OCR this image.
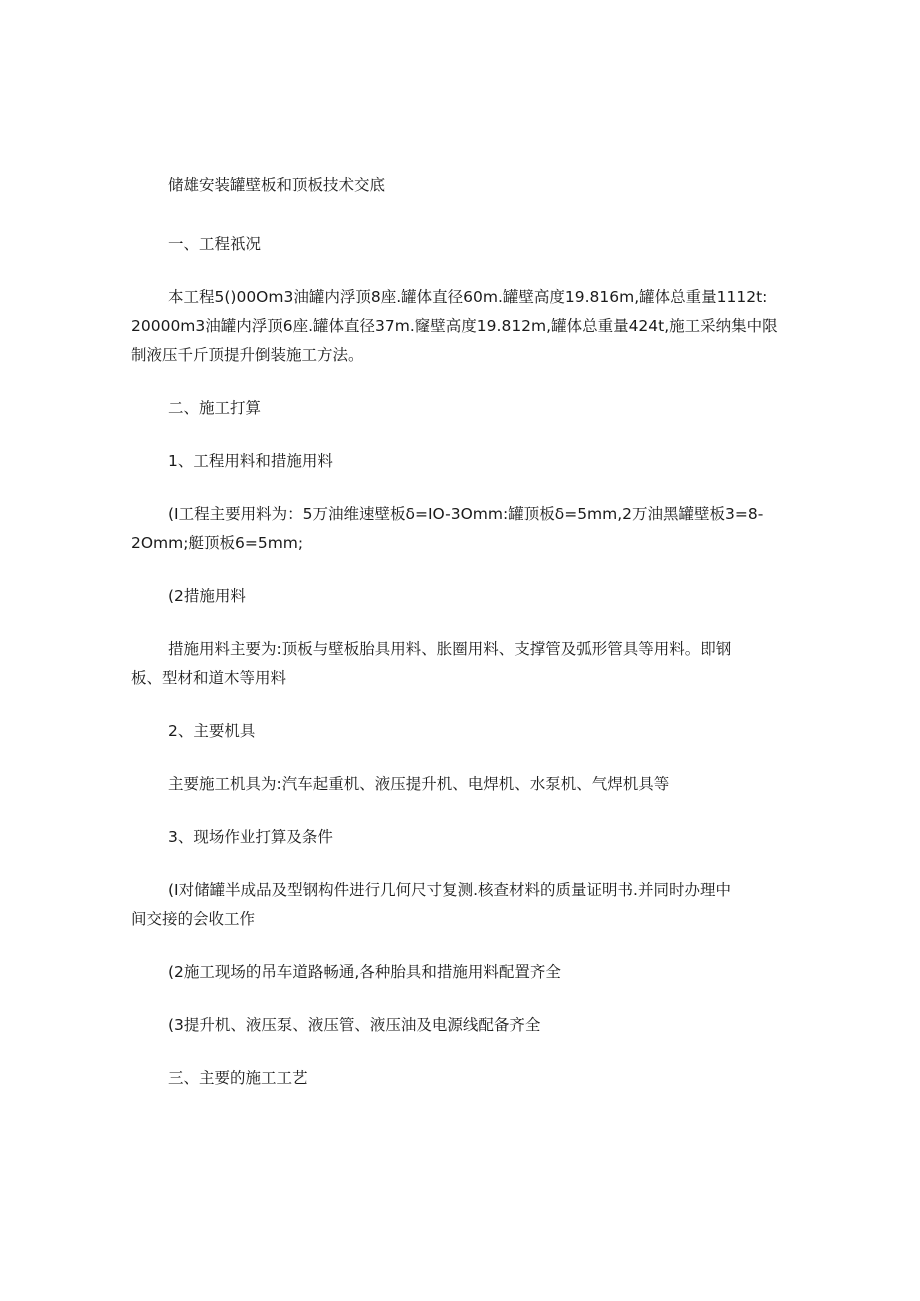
储雄安装罐壁板和顶板技术交底

一、工程祇况

本工程5()00Om3油罐内浮顶8座.罐体直径60m.罐壁高度19.816m,罐体总重量1112t:
20000m3油罐内浮顶6座.罐体直径37m.窿壁高度19.812m,罐体总重量424t,施工采纳集中限
制液压千斤顶提升倒装施工方法。

二、施工打算

1、工程用料和措施用料

(I工程主要用料为：5万油维速壁板δ=IO-3Omm:罐顶板δ=5mm,2万油黑罐壁板3=8-
2Omm;艇顶板6=5mm;

(2措施用料

措施用料主要为:顶板与壁板胎具用料、胀圈用料、支撑管及弧形管具等用料。即钢
板、型材和道木等用料

2、主要机具

主要施工机具为:汽车起重机、液压提升机、电焊机、水泵机、气焊机具等

3、现场作业打算及条件

(I对储罐半成品及型钢构件进行几何尺寸复测.核查材料的质量证明书.并同时办理中
间交接的会收工作

(2施工现场的吊车道路畅通,各种胎具和措施用料配置齐全

(3提升机、液压泵、液压管、液压油及电源线配备齐全

三、主要的施工工艺
